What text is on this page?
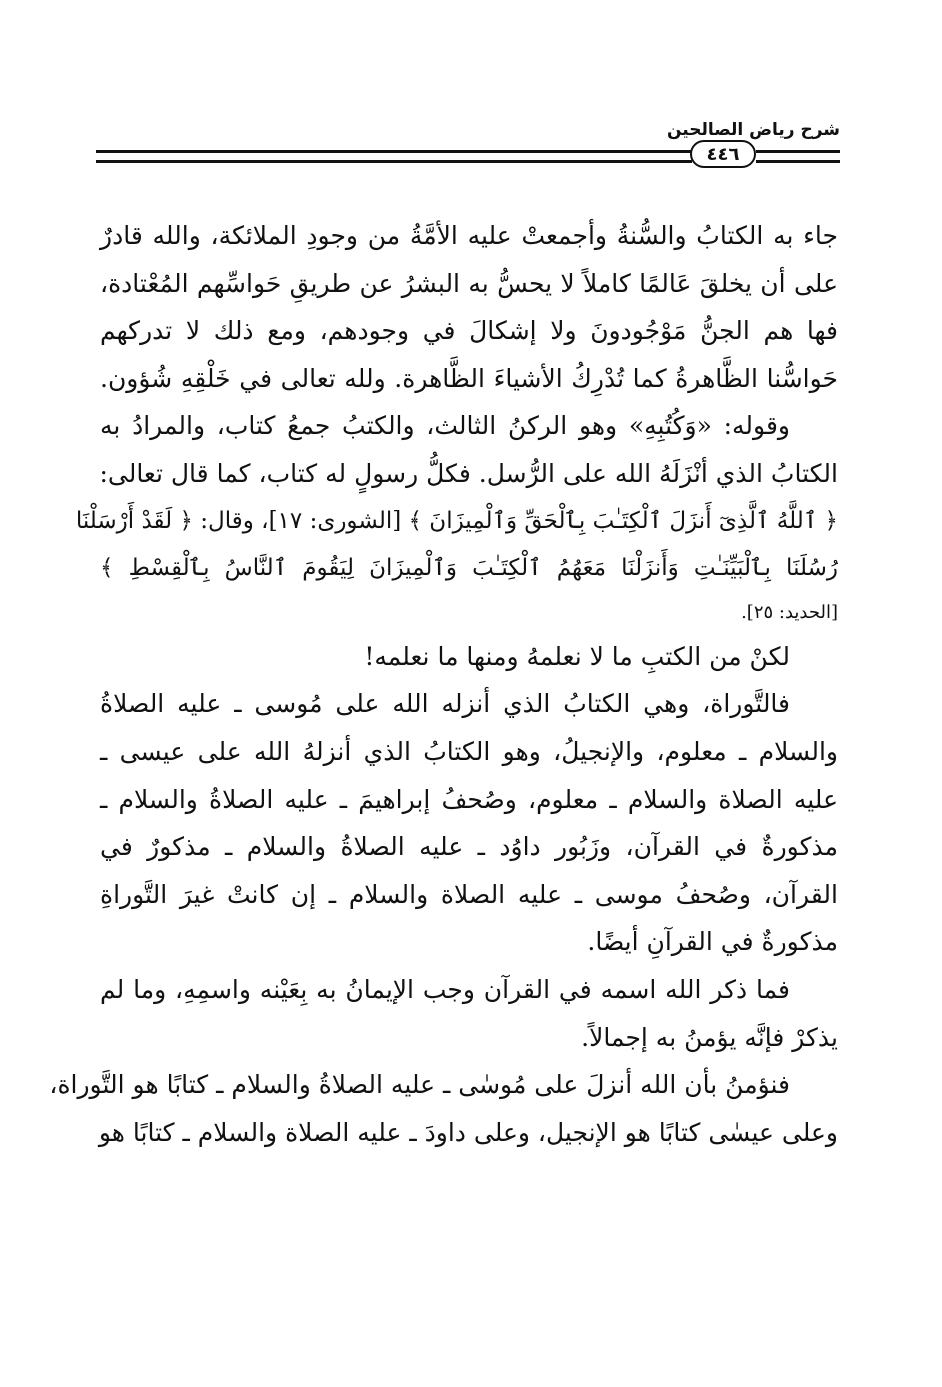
شرح رياض الصالحين
٤٤٦
جاء به الكتابُ والسُّنةُ وأجمعتْ عليه الأمَّةُ من وجودِ الملائكة، والله قادرٌ
على أن يخلقَ عَالمًا كاملاً لا يحسُّ به البشرُ عن طريقِ حَواسِّهم المُعْتادة،
فها هم الجنُّ مَوْجُودونَ ولا إشكالَ في وجودهم، ومع ذلك لا تدركهم
حَواسُّنا الظَّاهرةُ كما تُدْرِكُ الأشياءَ الظَّاهرة. ولله تعالى في خَلْقِهِ شُؤون.
وقوله: «وَكُتُبِهِ» وهو الركنُ الثالث، والكتبُ جمعُ كتاب، والمرادُ به
الكتابُ الذي أنْزَلَهُ الله على الرُّسل. فكلُّ رسولٍ له كتاب، كما قال تعالى:
﴿ ٱللَّهُ ٱلَّذِىٓ أَنزَلَ ٱلْكِتَـٰبَ بِٱلْحَقِّ وَٱلْمِيزَانَ ﴾ [الشورى: ١٧]، وقال: ﴿ لَقَدْ أَرْسَلْنَا
رُسُلَنَا بِٱلْبَيِّنَـٰتِ وَأَنزَلْنَا مَعَهُمُ ٱلْكِتَـٰبَ وَٱلْمِيزَانَ لِيَقُومَ ٱلنَّاسُ بِٱلْقِسْطِ ﴾
[الحديد: ٢٥].
لكنْ من الكتبِ ما لا نعلمهُ ومنها ما نعلمه!
فالتَّوراة، وهي الكتابُ الذي أنزله الله على مُوسى ـ عليه الصلاةُ
والسلام ـ معلوم، والإنجيلُ، وهو الكتابُ الذي أنزلهُ الله على عيسى ـ
عليه الصلاة والسلام ـ معلوم، وصُحفُ إبراهيمَ ـ عليه الصلاةُ والسلام ـ
مذكورةٌ في القرآن، وزَبُور داوُد ـ عليه الصلاةُ والسلام ـ مذكورٌ في
القرآن، وصُحفُ موسى ـ عليه الصلاة والسلام ـ إن كانتْ غيرَ التَّوراةِ
مذكورةٌ في القرآنِ أيضًا.
فما ذكر الله اسمه في القرآن وجب الإيمانُ به بِعَيْنه واسمِهِ، وما لم
يذكرْ فإنَّه يؤمنُ به إجمالاً.
فنؤمنُ بأن الله أنزلَ على مُوسٰى ـ عليه الصلاةُ والسلام ـ كتابًا هو التَّوراة،
وعلى عيسٰى كتابًا هو الإنجيل، وعلى داودَ ـ عليه الصلاة والسلام ـ كتابًا هو
